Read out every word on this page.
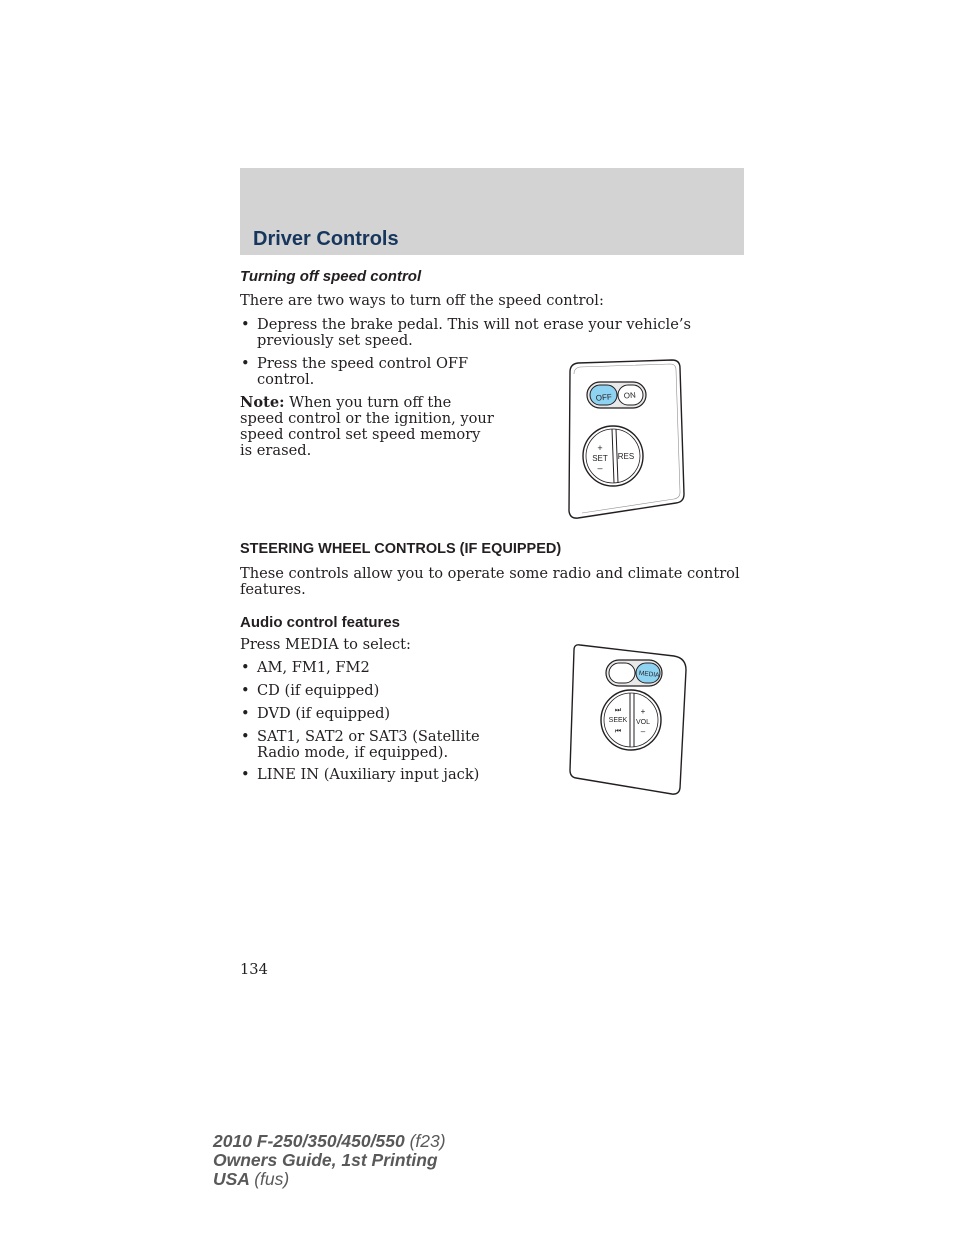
Driver Controls
Turning off speed control

There are two ways to turn off the speed control:

• Depress the brake pedal. This will not erase your vehicle’s previously set speed.
• Press the speed control OFF control.

Note: When you turn off the speed control or the ignition, your speed control set speed memory is erased.

OFF ON
+
SET
–
RES
STEERING WHEEL CONTROLS (IF EQUIPPED)

These controls allow you to operate some radio and climate control features.

Audio control features

Press MEDIA to select:

• AM, FM1, FM2
• CD (if equipped)
• DVD (if equipped)
• SAT1, SAT2 or SAT3 (Satellite Radio mode, if equipped).
• LINE IN (Auxiliary input jack)
MEDIA
⏭
SEEK
⏮
+
VOL
–

134

2010 F-250/350/450/550 (f23)
Owners Guide, 1st Printing
USA (fus)
